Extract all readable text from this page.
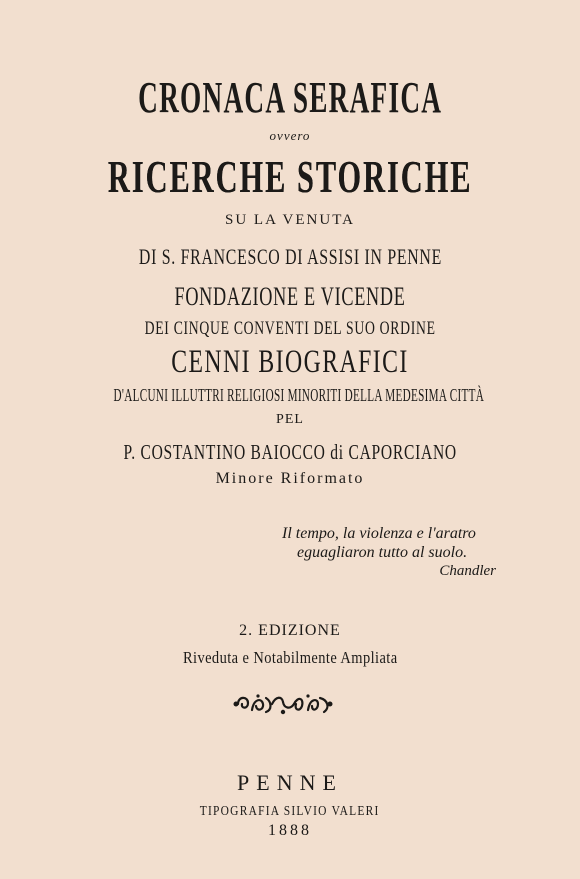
CRONACA SERAFICA
ovvero
RICERCHE STORICHE
SU LA VENUTA
DI S. FRANCESCO DI ASSISI IN PENNE
FONDAZIONE E VICENDE
DEI CINQUE CONVENTI DEL SUO ORDINE
CENNI BIOGRAFICI
D'ALCUNI ILLUTTRI RELIGIOSI MINORITI DELLA MEDESIMA CITTÀ
PEL
P. COSTANTINO BAIOCCO di CAPORCIANO
Minore Riformato
Il tempo, la violenza e l'aratro
eguagliaron tutto al suolo.
Chandler
2. EDIZIONE
Riveduta e Notabilmente Ampliata
PENNE
TIPOGRAFIA SILVIO VALERI
1888
